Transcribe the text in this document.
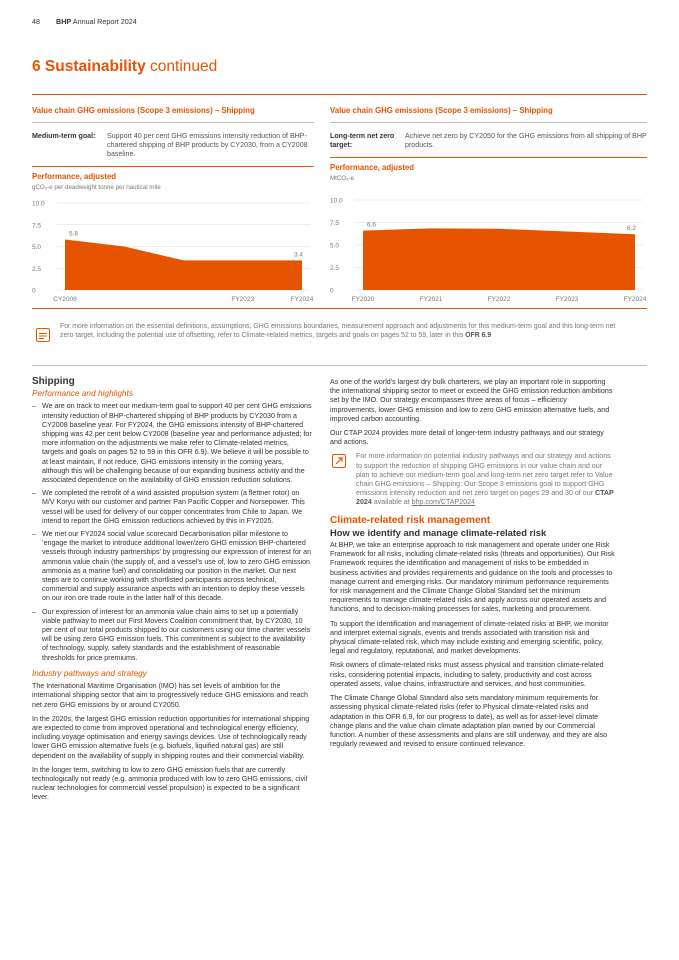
48 BHP Annual Report 2024
6 Sustainability continued
Value chain GHG emissions (Scope 3 emissions) – Shipping
Medium-term goal:	Support 40 per cent GHG emissions intensity reduction of BHP-chartered shipping of BHP products by CY2030, from a CY2008 baseline.
Performance, adjusted
gCO₂-e per deadweight tonne per nautical mile
Value chain GHG emissions (Scope 3 emissions) – Shipping
Long-term net zero target:
Achieve net zero by CY2050 for the GHG emissions from all shipping of BHP products.
Performance, adjusted
MtCO₂-e
0
2.5
5.0
7.5
10.0
5.8
3.4
CY2008	FY2023	FY2024
0
2.5
5.0
7.5
10.0
6.6
6.2
FY2020	FY2021	FY2022	FY2023	FY2024
For more information on the essential definitions, assumptions, GHG emissions boundaries, measurement approach and adjustments for this medium-term goal and this long-term net zero target, including the potential use of offsetting, refer to Climate-related metrics, targets and goals on pages 52 to 59, later in this OFR 6.9
Shipping
Performance and highlights
– We are on track to meet our medium-term goal to support 40 per cent GHG emissions intensity reduction of BHP-chartered shipping of BHP products by CY2030 from a CY2008 baseline year. For FY2024, the GHG emissions intensity of BHP-chartered shipping was 42 per cent below CY2008 (baseline year and performance adjusted; for more information on the adjustments we make refer to Climate-related metrics, targets and goals on pages 52 to 59 in this OFR 6.9). We believe it will be possible to at least maintain, if not reduce, GHG emissions intensity in the coming years, although this will be challenging because of our expanding business activity and the associated dependence on the availability of GHG emission reduction solutions.
– We completed the retrofit of a wind assisted propulsion system (a flettner rotor) on M/V Koryu with our customer and partner Pan Pacific Copper and Norsepower. This vessel will be used for delivery of our copper concentrates from Chile to Japan. We intend to report the GHG emission reductions achieved by this in FY2025.
– We met our FY2024 social value scorecard Decarbonisation pillar milestone to ‘engage the market to introduce additional lower/zero GHG emission BHP-chartered vessels through industry partnerships’ by progressing our expression of interest for an ammonia value chain (the supply of, and a vessel’s use of, low to zero GHG emission ammonia as a marine fuel) and consolidating our position in the market. Our next steps are to continue working with shortlisted participants across technical, commercial and supply assurance aspects with an intention to deploy these vessels on our iron ore trade route in the latter half of this decade.
– Our expression of interest for an ammonia value chain aims to set up a potentially viable pathway to meet our First Movers Coalition commitment that, by CY2030, 10 per cent of our total products shipped to our customers using our time charter vessels will be using zero GHG emission fuels. This commitment is subject to the availability of technology, supply, safety standards and the establishment of reasonable thresholds for price premiums.
Industry pathways and strategy

The International Maritime Organisation (IMO) has set levels of ambition for the international shipping sector that aim to progressively reduce GHG emissions and reach net zero GHG emissions by or around CY2050.

In the 2020s, the largest GHG emission reduction opportunities for international shipping are expected to come from improved operational and technological energy efficiency, including voyage optimisation and energy savings devices. Use of technologically ready lower GHG emission alternative fuels (e.g. biofuels, liquified natural gas) are still dependent on the availability of supply in shipping routes and their commercial viability.

In the longer term, switching to low to zero GHG emission fuels that are currently technologically not ready (e.g. ammonia produced with low to zero GHG emissions, civil nuclear technologies for commercial vessel propulsion) is expected to be a significant lever.

As one of the world’s largest dry bulk charterers, we play an important role in supporting the international shipping sector to meet or exceed the GHG emission reduction ambitions set by the IMO. Our strategy encompasses three areas of focus – efficiency improvements, lower GHG emission and low to zero GHG emission alternative fuels, and improved carbon accounting.

Our CTAP 2024 provides more detail of longer-term industry pathways and our strategy and actions.

For more information on potential industry pathways and our strategy and actions to support the reduction of shipping GHG emissions in our value chain and our plan to achieve our medium-term goal and long-term net zero target refer to Value chain GHG emissions – Shipping: Our Scope 3 emissions goal to support GHG emissions intensity reduction and net zero target on pages 29 and 30 of our CTAP 2024 available at bhp.com/CTAP2024
Climate-related risk management
How we identify and manage climate-related risk

At BHP, we take an enterprise approach to risk management and operate under one Risk Framework for all risks, including climate-related risks (threats and opportunities). Our Risk Framework requires the identification and management of risks to be embedded in business activities and provides requirements and guidance on the tools and processes to manage current and emerging risks. Our mandatory minimum performance requirements for risk management and the Climate Change Global Standard set the minimum requirements to manage climate-related risks and apply across our operated assets and functions, and to decision-making processes for sales, marketing and procurement.

To support the identification and management of climate-related risks at BHP, we monitor and interpret external signals, events and trends associated with transition risk and physical climate-related risk, which may include existing and emerging scientific, policy, legal and regulatory, reputational, and market developments.

Risk owners of climate-related risks must assess physical and transition climate-related risks, considering potential impacts, including to safety, productivity and cost across operated assets, value chains, infrastructure and services, and host communities.

The Climate Change Global Standard also sets mandatory minimum requirements for assessing physical climate-related risks (refer to Physical climate-related risks and adaptation in this OFR 6.9, for our progress to date), as well as for asset-level climate change plans and the value chain climate adaptation plan owned by our Commercial function. A number of these assessments and plans are still underway, and they are also regularly reviewed and revised to ensure continued relevance.
